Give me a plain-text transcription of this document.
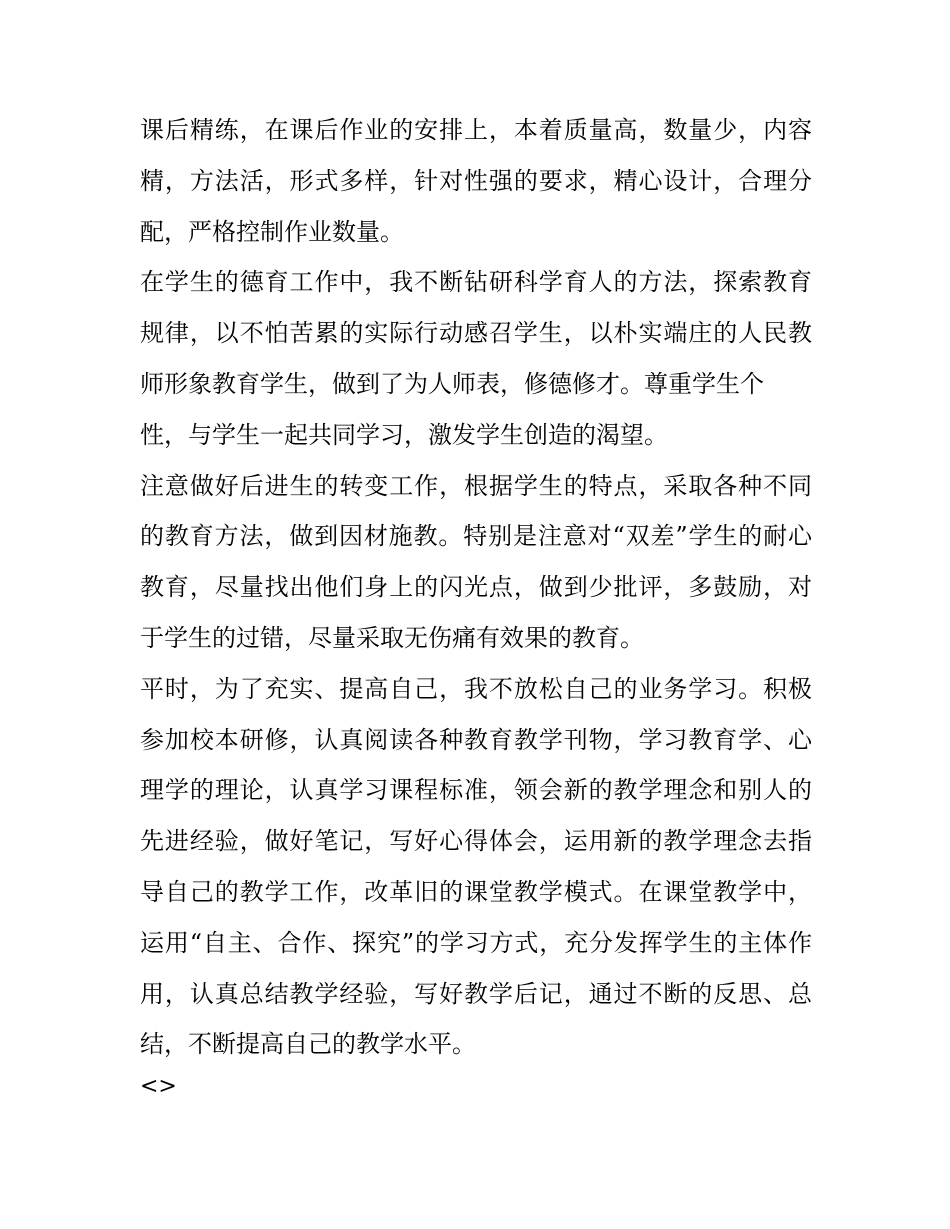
课后精练，在课后作业的安排上，本着质量高，数量少，内容
精，方法活，形式多样，针对性强的要求，精心设计，合理分
配，严格控制作业数量。
在学生的德育工作中，我不断钻研科学育人的方法，探索教育
规律，以不怕苦累的实际行动感召学生，以朴实端庄的人民教
师形象教育学生，做到了为人师表，修德修才。尊重学生个
性，与学生一起共同学习，激发学生创造的渴望。
注意做好后进生的转变工作，根据学生的特点，采取各种不同
的教育方法，做到因材施教。特别是注意对“双差”学生的耐心
教育，尽量找出他们身上的闪光点，做到少批评，多鼓励，对
于学生的过错，尽量采取无伤痛有效果的教育。
平时，为了充实、提高自己，我不放松自己的业务学习。积极
参加校本研修，认真阅读各种教育教学刊物，学习教育学、心
理学的理论，认真学习课程标准，领会新的教学理念和别人的
先进经验，做好笔记，写好心得体会，运用新的教学理念去指
导自己的教学工作，改革旧的课堂教学模式。在课堂教学中，
运用“自主、合作、探究”的学习方式，充分发挥学生的主体作
用，认真总结教学经验，写好教学后记，通过不断的反思、总
结，不断提高自己的教学水平。
<>
